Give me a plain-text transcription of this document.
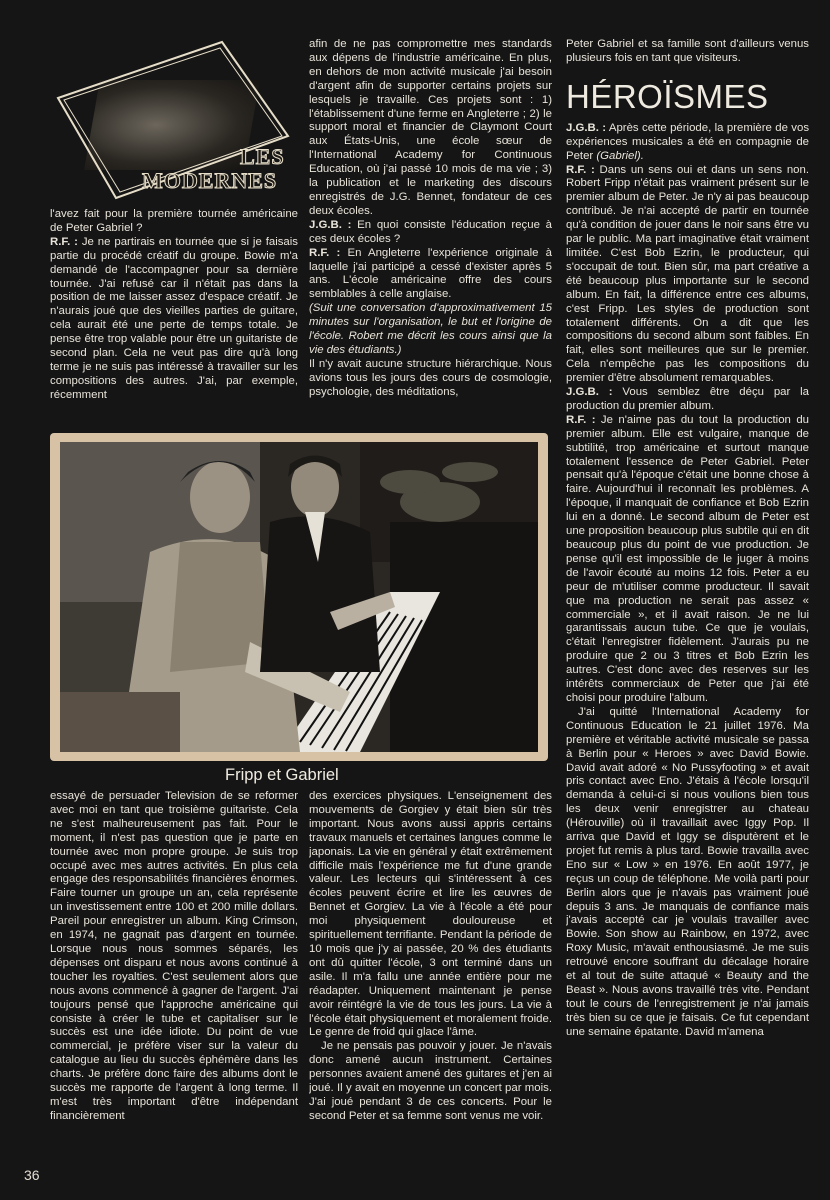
LES
MODERNES
HÉROÏSMES

l'avez fait pour la première tournée américaine de Peter Gabriel ?

R.F. : Je ne partirais en tournée que si je faisais partie du procédé créatif du groupe. Bowie m'a demandé de l'accompagner pour sa dernière tournée. J'ai refusé car il n'était pas dans la position de me laisser assez d'espace créatif. Je n'aurais joué que des vieilles parties de guitare, cela aurait été une perte de temps totale. Je pense être trop valable pour être un guitariste de second plan. Cela ne veut pas dire qu'à long terme je ne suis pas intéressé à travailler sur les compositions des autres. J'ai, par exemple, récemment

afin de ne pas compromettre mes standards aux dépens de l'industrie américaine. En plus, en dehors de mon activité musicale j'ai besoin d'argent afin de supporter certains projets sur lesquels je travaille. Ces projets sont : 1) l'établissement d'une ferme en Angleterre ; 2) le support moral et financier de Claymont Court aux États-Unis, une école sœur de l'International Academy for Continuous Education, où j'ai passé 10 mois de ma vie ; 3) la publication et le marketing des discours enregistrés de J.G. Bennet, fondateur de ces deux écoles.

J.G.B. : En quoi consiste l'éducation reçue à ces deux écoles ?

R.F. : En Angleterre l'expérience originale à laquelle j'ai participé a cessé d'exister après 5 ans. L'école américaine offre des cours semblables à celle anglaise.

(Suit une conversation d'approximativement 15 minutes sur l'organisation, le but et l'origine de l'école. Robert me décrit les cours ainsi que la vie des étudiants.)

Il n'y avait aucune structure hiérarchique. Nous avions tous les jours des cours de cosmologie, psychologie, des méditations,

Peter Gabriel et sa famille sont d'ailleurs venus plusieurs fois en tant que visiteurs.

J.G.B. : Après cette période, la première de vos expériences musicales a été en compagnie de Peter (Gabriel).

R.F. : Dans un sens oui et dans un sens non. Robert Fripp n'était pas vraiment présent sur le premier album de Peter. Je n'y ai pas beaucoup contribué. Je n'ai accepté de partir en tournée qu'à condition de jouer dans le noir sans être vu par le public. Ma part imaginative était vraiment limitée. C'est Bob Ezrin, le producteur, qui s'occupait de tout. Bien sûr, ma part créative a été beaucoup plus importante sur le second album. En fait, la différence entre ces albums, c'est Fripp. Les styles de production sont totalement différents. On a dit que les compositions du second album sont faibles. En fait, elles sont meilleures que sur le premier. Cela n'empêche pas les compositions du premier d'être absolument remarquables.

J.G.B. : Vous semblez être déçu par la production du premier album.

R.F. : Je n'aime pas du tout la production du premier album. Elle est vulgaire, manque de subtilité, trop américaine et surtout manque totalement l'essence de Peter Gabriel. Peter pensait qu'à l'époque c'était une bonne chose à faire. Aujourd'hui il reconnaît les problèmes. A l'époque, il manquait de confiance et Bob Ezrin lui en a donné. Le second album de Peter est une proposition beaucoup plus subtile qui en dit beaucoup plus du point de vue production. Je pense qu'il est impossible de le juger à moins de l'avoir écouté au moins 12 fois. Peter a eu peur de m'utiliser comme producteur. Il savait que ma production ne serait pas assez « commerciale », et il avait raison. Je ne lui garantissais aucun tube. Ce que je voulais, c'était l'enregistrer fidèlement. J'aurais pu ne produire que 2 ou 3 titres et Bob Ezrin les autres. C'est donc avec des reserves sur les intérêts commerciaux de Peter que j'ai été choisi pour produire l'album.

J'ai quitté l'International Academy for Continuous Education le 21 juillet 1976. Ma première et véritable activité musicale se passa à Berlin pour « Heroes » avec David Bowie. David avait adoré « No Pussyfooting » et avait pris contact avec Eno. J'étais à l'école lorsqu'il demanda à celui-ci si nous voulions bien tous les deux venir enregistrer au chateau (Hérouville) où il travaillait avec Iggy Pop. Il arriva que David et Iggy se disputèrent et le projet fut remis à plus tard. Bowie travailla avec Eno sur « Low » en 1976. En août 1977, je reçus un coup de téléphone. Me voilà parti pour Berlin alors que je n'avais pas vraiment joué depuis 3 ans. Je manquais de confiance mais j'avais accepté car je voulais travailler avec Bowie. Son show au Rainbow, en 1972, avec Roxy Music, m'avait enthousiasmé. Je me suis retrouvé encore souffrant du décalage horaire et al tout de suite attaqué « Beauty and the Beast ». Nous avons travaillé très vite. Pendant tout le cours de l'enregistrement je n'ai jamais très bien su ce que je faisais. Ce fut cependant une semaine épatante. David m'amena

Fripp et Gabriel

essayé de persuader Television de se reformer avec moi en tant que troisième guitariste. Cela ne s'est malheureusement pas fait. Pour le moment, il n'est pas question que je parte en tournée avec mon propre groupe. Je suis trop occupé avec mes autres activités. En plus cela engage des responsabilités financières énormes. Faire tourner un groupe un an, cela représente un investissement entre 100 et 200 mille dollars. Pareil pour enregistrer un album. King Crimson, en 1974, ne gagnait pas d'argent en tournée. Lorsque nous nous sommes séparés, les dépenses ont disparu et nous avons continué à toucher les royalties. C'est seulement alors que nous avons commencé à gagner de l'argent. J'ai toujours pensé que l'approche américaine qui consiste à créer le tube et capitaliser sur le succès est une idée idiote. Du point de vue commercial, je préfère viser sur la valeur du catalogue au lieu du succès éphémère dans les charts. Je préfère donc faire des albums dont le succès me rapporte de l'argent à long terme. Il m'est très important d'être indépendant financièrement

des exercices physiques. L'enseignement des mouvements de Gorgiev y était bien sûr très important. Nous avons aussi appris certains travaux manuels et certaines langues comme le japonais. La vie en général y était extrêmement difficile mais l'expérience me fut d'une grande valeur. Les lecteurs qui s'intéressent à ces écoles peuvent écrire et lire les œuvres de Bennet et Gorgiev. La vie à l'école a été pour moi physiquement douloureuse et spirituellement terrifiante. Pendant la période de 10 mois que j'y ai passée, 20 % des étudiants ont dû quitter l'école, 3 ont terminé dans un asile. Il m'a fallu une année entière pour me réadapter. Uniquement maintenant je pense avoir réintégré la vie de tous les jours. La vie à l'école était physiquement et moralement froide. Le genre de froid qui glace l'âme.

Je ne pensais pas pouvoir y jouer. Je n'avais donc amené aucun instrument. Certaines personnes avaient amené des guitares et j'en ai joué. Il y avait en moyenne un concert par mois. J'ai joué pendant 3 de ces concerts. Pour le second Peter et sa femme sont venus me voir.

36
